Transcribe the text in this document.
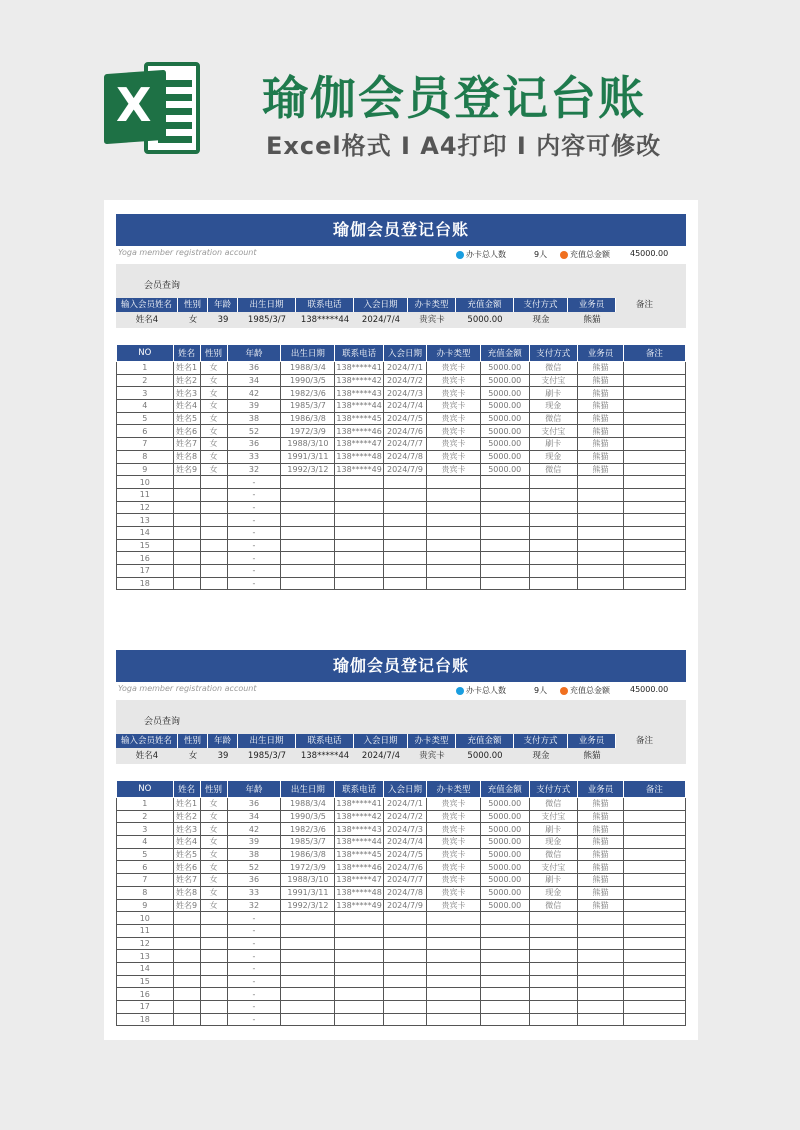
X 瑜伽会员登记台账
Excel格式 Ⅰ A4打印 Ⅰ 内容可修改
瑜伽会员登记台账
Yoga member registration account	办卡总人数	9人	充值总金额	45000.00
会员查询
输入会员姓名	性别	年龄	出生日期	联系电话	入会日期	办卡类型	充值金额	支付方式	业务员
姓名4	女	39	1985/3/7	138*****44	2024/7/4	贵宾卡	5000.00	现金	熊猫
备注
NO	姓名	性别	年龄	出生日期	联系电话	入会日期	办卡类型	充值金额	支付方式	业务员	备注
1	姓名1	女	36	1988/3/4	138*****41	2024/7/1	贵宾卡	5000.00	微信	熊猫	
2	姓名2	女	34	1990/3/5	138*****42	2024/7/2	贵宾卡	5000.00	支付宝	熊猫	
3	姓名3	女	42	1982/3/6	138*****43	2024/7/3	贵宾卡	5000.00	刷卡	熊猫	
4	姓名4	女	39	1985/3/7	138*****44	2024/7/4	贵宾卡	5000.00	现金	熊猫	
5	姓名5	女	38	1986/3/8	138*****45	2024/7/5	贵宾卡	5000.00	微信	熊猫	
6	姓名6	女	52	1972/3/9	138*****46	2024/7/6	贵宾卡	5000.00	支付宝	熊猫	
7	姓名7	女	36	1988/3/10	138*****47	2024/7/7	贵宾卡	5000.00	刷卡	熊猫	
8	姓名8	女	33	1991/3/11	138*****48	2024/7/8	贵宾卡	5000.00	现金	熊猫	
9	姓名9	女	32	1992/3/12	138*****49	2024/7/9	贵宾卡	5000.00	微信	熊猫	
10			-								
11			-								
12			-								
13			-								
14			-								
15			-								
16			-								
17			-								
18			-								
瑜伽会员登记台账
Yoga member registration account	办卡总人数	9人	充值总金额	45000.00
会员查询
输入会员姓名	性别	年龄	出生日期	联系电话	入会日期	办卡类型	充值金额	支付方式	业务员
姓名4	女	39	1985/3/7	138*****44	2024/7/4	贵宾卡	5000.00	现金	熊猫
备注
NO	姓名	性别	年龄	出生日期	联系电话	入会日期	办卡类型	充值金额	支付方式	业务员	备注
1	姓名1	女	36	1988/3/4	138*****41	2024/7/1	贵宾卡	5000.00	微信	熊猫	
2	姓名2	女	34	1990/3/5	138*****42	2024/7/2	贵宾卡	5000.00	支付宝	熊猫	
3	姓名3	女	42	1982/3/6	138*****43	2024/7/3	贵宾卡	5000.00	刷卡	熊猫	
4	姓名4	女	39	1985/3/7	138*****44	2024/7/4	贵宾卡	5000.00	现金	熊猫	
5	姓名5	女	38	1986/3/8	138*****45	2024/7/5	贵宾卡	5000.00	微信	熊猫	
6	姓名6	女	52	1972/3/9	138*****46	2024/7/6	贵宾卡	5000.00	支付宝	熊猫	
7	姓名7	女	36	1988/3/10	138*****47	2024/7/7	贵宾卡	5000.00	刷卡	熊猫	
8	姓名8	女	33	1991/3/11	138*****48	2024/7/8	贵宾卡	5000.00	现金	熊猫	
9	姓名9	女	32	1992/3/12	138*****49	2024/7/9	贵宾卡	5000.00	微信	熊猫	
10			-								
11			-								
12			-								
13			-								
14			-								
15			-								
16			-								
17			-								
18			-								
